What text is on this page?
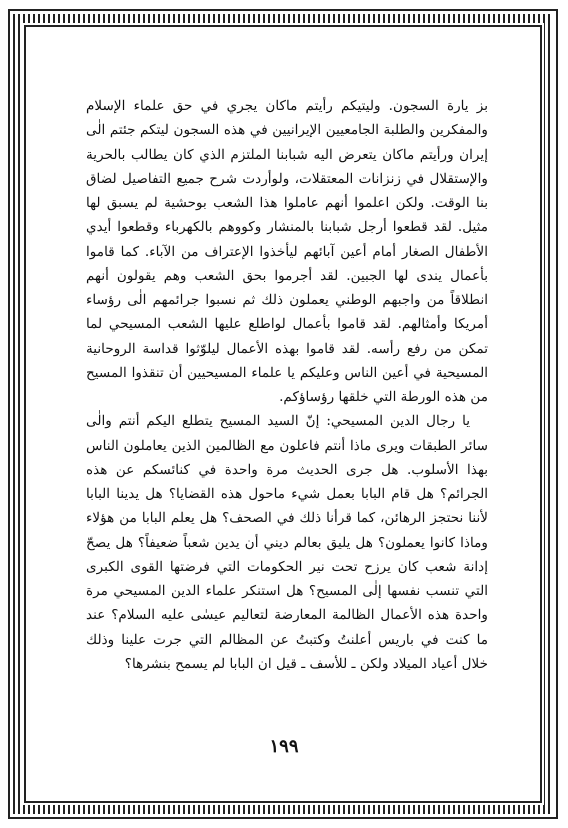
بز يارة السجون. وليتيكم رأيتم ماكان يجري في حق علماء الإسلام والمفكرين والطلبة الجامعيين الإيرانيين في هذه السجون ليتكم جئتم الٰى إيران ورأيتم ماكان يتعرض اليه شبابنا الملتزم الذي كان يطالب بالحرية والإستقلال في زنزانات المعتقلات، ولوأردت شرح جميع التفاصيل لضاق بنا الوقت. ولكن اعلموا أنهم عاملوا هذا الشعب بوحشية لم يسبق لها مثيل. لقد قطعوا أرجل شبابنا بالمنشار وكووهم بالكهرباء وقطعوا أيدي الأطفال الصغار أمام أعين آبائهم ليأخذوا الإعتراف من الآباء. كما قاموا بأعمال يندى لها الجبين. لقد أجرموا بحق الشعب وهم يقولون أنهم انطلاقاً من واجبهم الوطني يعملون ذلك ثم نسبوا جرائمهم الٰى رؤساء أمريكا وأمثالهم. لقد قاموا بأعمال لواطلع عليها الشعب المسيحي لما تمكن من رفع رأسه. لقد قاموا بهذه الأعمال ليلوّثوا قداسة الروحانية المسيحية في أعين الناس وعليكم يا علماء المسيحيين أن تنقذوا المسيح من هذه الورطة التي خلقها رؤساؤكم.

يا رجال الدين المسيحي: إنّ السيد المسيح يتطلع اليكم أنتم والٰى سائر الطبقات ويرى ماذا أنتم فاعلون مع الظالمين الذين يعاملون الناس بهذا الأسلوب. هل جرى الحديث مرة واحدة في كنائسكم عن هذه الجرائم؟ هل قام البابا بعمل شيء ماحول هذه القضايا؟ هل يدينا البابا لأننا نحتجز الرهائن، كما قرأنا ذلك في الصحف؟ هل يعلم البابا من هؤلاء وماذا كانوا يعملون؟ هل يليق بعالم ديني أن يدين شعباً ضعيفاً؟ هل يصحّ إدانة شعب كان يرزح تحت نير الحكومات التي فرضتها القوى الكبرى التي تنسب نفسها إلٰى المسيح؟ هل استنكر علماء الدين المسيحي مرة واحدة هذه الأعمال الظالمة المعارضة لتعاليم عيسٰى عليه السلام؟ عند ما كنت في باريس أعلنتُ وكتبتُ عن المظالم التي جرت علينا وذلك خلال أعياد الميلاد ولكن ـ للأسف ـ قيل ان البابا لم يسمح بنشرها؟

١٩٩
